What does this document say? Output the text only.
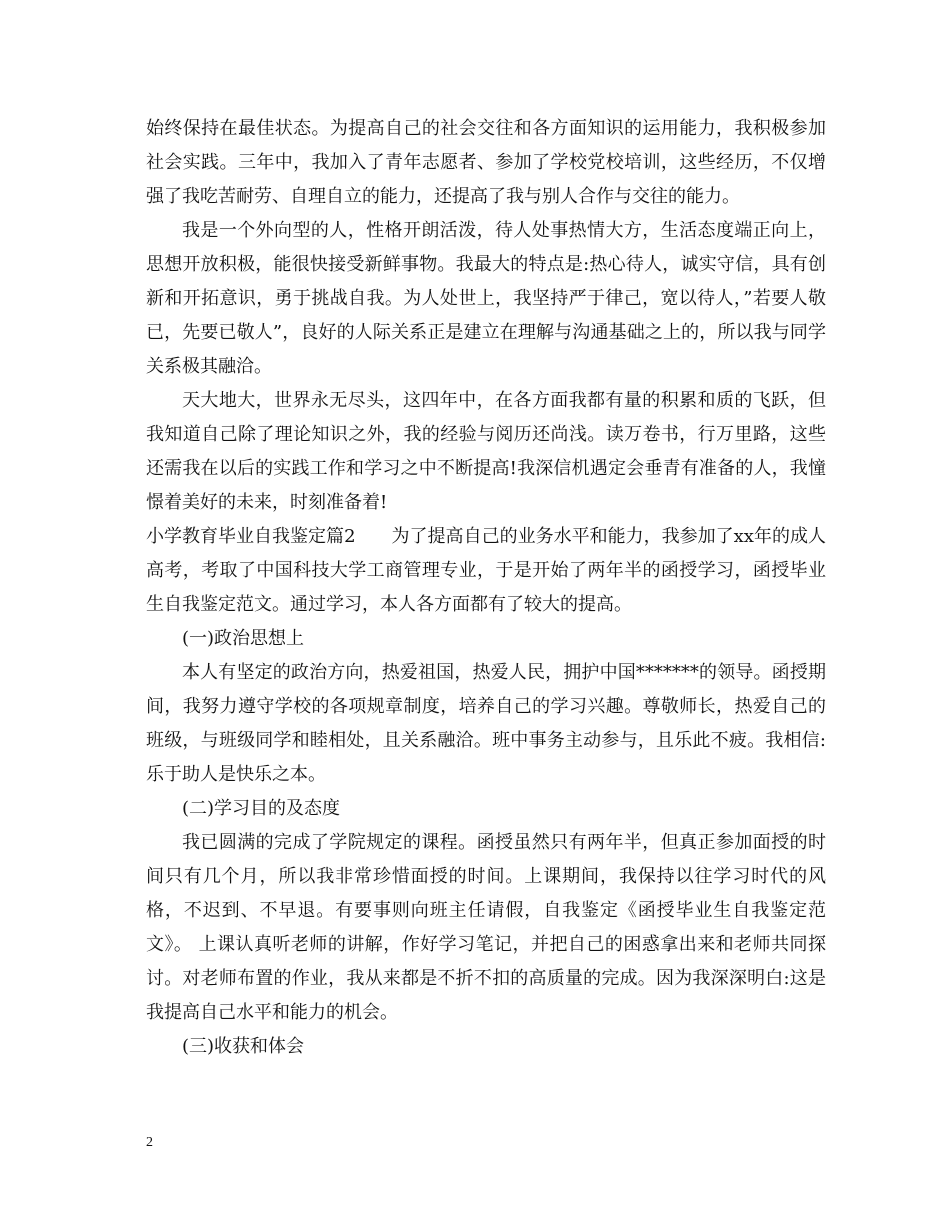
始终保持在最佳状态。为提高自己的社会交往和各方面知识的运用能力，我积极参加社会实践。三年中，我加入了青年志愿者、参加了学校党校培训，这些经历，不仅增强了我吃苦耐劳、自理自立的能力，还提高了我与别人合作与交往的能力。

我是一个外向型的人，性格开朗活泼，待人处事热情大方，生活态度端正向上，思想开放积极，能很快接受新鲜事物。我最大的特点是:热心待人，诚实守信，具有创新和开拓意识，勇于挑战自我。为人处世上，我坚持严于律己，宽以待人，”若要人敬已，先要已敬人”，良好的人际关系正是建立在理解与沟通基础之上的，所以我与同学关系极其融洽。

天大地大，世界永无尽头，这四年中，在各方面我都有量的积累和质的飞跃，但我知道自己除了理论知识之外，我的经验与阅历还尚浅。读万卷书，行万里路，这些还需我在以后的实践工作和学习之中不断提高!我深信机遇定会垂青有准备的人，我憧憬着美好的未来，时刻准备着!

小学教育毕业自我鉴定篇2　　为了提高自己的业务水平和能力，我参加了xx年的成人高考，考取了中国科技大学工商管理专业，于是开始了两年半的函授学习，函授毕业生自我鉴定范文。通过学习，本人各方面都有了较大的提高。

(一)政治思想上

本人有坚定的政治方向，热爱祖国，热爱人民，拥护中国*******的领导。函授期间，我努力遵守学校的各项规章制度，培养自己的学习兴趣。尊敬师长，热爱自己的班级，与班级同学和睦相处，且关系融洽。班中事务主动参与，且乐此不疲。我相信:乐于助人是快乐之本。

(二)学习目的及态度

我已圆满的完成了学院规定的课程。函授虽然只有两年半，但真正参加面授的时间只有几个月，所以我非常珍惜面授的时间。上课期间，我保持以往学习时代的风格，不迟到、不早退。有要事则向班主任请假，自我鉴定《函授毕业生自我鉴定范文》。 上课认真听老师的讲解，作好学习笔记，并把自己的困惑拿出来和老师共同探讨。对老师布置的作业，我从来都是不折不扣的高质量的完成。因为我深深明白:这是我提高自己水平和能力的机会。

(三)收获和体会

2
